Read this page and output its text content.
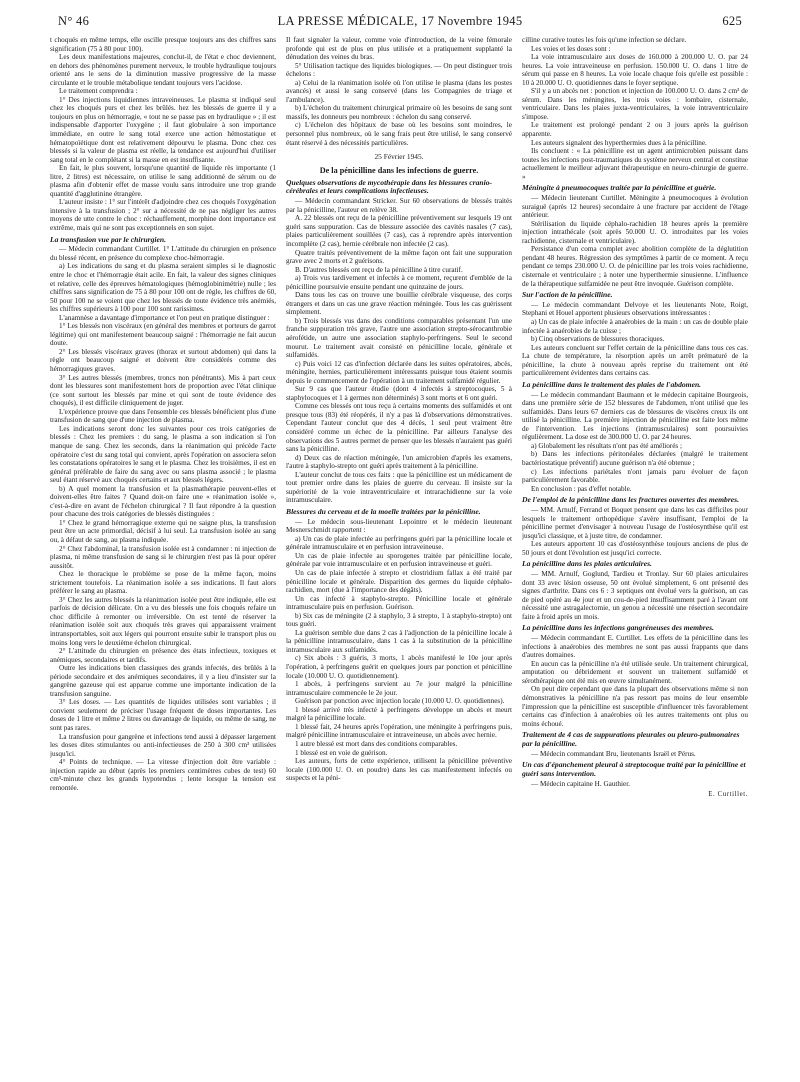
N° 46	LA PRESSE MÉDICALE, 17 Novembre 1945	625

t choqués en même temps, elle oscille presque toujours ans des chiffres sans signification (75 à 80 pour 100).

Les deux manifestations majeures, conclut-il, de l'état e choc deviennent, en dehors des phénomènes purement nerveux, le trouble hydraulique toujours orienté ans le sens de la diminution massive progressive de la masse circulante et le trouble métabolique tendant toujours vers l'acidose.

Le traitement comprendra :

1° Des injections liquidiennes intraveineuses. Le plasma st indiqué seul chez les choqués purs et chez les brûlés. hez les blessés de guerre il y a toujours en plus on hémorragie, « tout ne se passe pas en hydraulique » ; il est indispensable d'apporter l'oxygène ; il faut globulaire à son importance immédiate, en outre le sang total exerce une action hémostatique et hématopoïétique dont est relativement dépourvu le plasma. Donc chez ces blessés si la valeur de plasma est réelle, la tendance est aujourd'hui d'utiliser sang total en le complétant si la masse en est insuffisante.

En fait, le plus souvent, lorsqu'une quantité de liquide rès importante (1 litre, 2 litres) est nécessaire, on utilise le sang additionné de sérum ou de plasma afin d'obtenir effet de masse voulu sans introduire une trop grande quantité d'agglutinine étrangère.

L'auteur insiste : 1° sur l'intérêt d'adjoindre chez ces choqués l'oxygénation intensive à la transfusion ; 2° sur a nécessité de ne pas négliger les autres moyens de utte contre le choc : réchauffement, morphine dont importance est extrême, mais qui ne sont pas exceptionnels en son sujet.

La transfusion vue par le chirurgien.

— Médecin commandant Curtillet. 1° L'attitude du chirurgien en présence du blessé récent, en présence du complexe choc-hémorragie.

a) Les indications du sang et du plasma seraient simples si le diagnostic entre le choc et l'hémorragie était acile. En fait, la valeur des signes cliniques et relative, celle des épreuves hématologiques (hémoglobinimétrie) nulle ; les chiffres sans signification de 75 à 80 pour 100 ont de règle, les chiffres de 60, 50 pour 100 ne se voient que chez les blessés de toute évidence très anémiés, les chiffres supérieurs à 100 pour 100 sont rarissimes.

L'anamnèse a davantage d'importance et l'on peut en pratique distinguer :

1° Les blessés non viscéraux (en général des membres et porteurs de garrot légitime) qui ont manifestement beaucoup saigné : l'hémorragie ne fait aucun doute.

2° Les blessés viscéraux graves (thorax et surtout abdomen) qui dans la règle ont beaucoup saigné et doivent être considérés comme des hémorragiques graves.

3° Les autres blessés (membres, troncs non pénétrants). Mis à part ceux dont les blessures sont manifestement hors de proportion avec l'état clinique (ce sont surtout les blessés par mine et qui sont de toute évidence des choqués), il est difficile cliniquement de juger.

L'expérience prouve que dans l'ensemble ces blessés bénéficient plus d'une transfusion de sang que d'une injection de plasma.

Les indications seront donc les suivantes pour ces trois catégories de blessés : Chez les premiers : du sang, le plasma a son indication si l'on manque de sang. Chez les seconds, dans la réanimation qui précède l'acte opératoire c'est du sang total qui convient, après l'opération on associera selon les constatations opératoires le sang et le plasma. Chez les troisièmes, il est en général préférable de faire du sang avec ou sans plasma associé ; le plasma seul étant réservé aux choqués certains et aux blessés légers.

b) A quel moment la transfusion et la plasmathérapie peuvent-elles et doivent-elles être faites ? Quand doit-on faire une « réanimation isolée », c'est-à-dire en avant de l'échelon chirurgical ? Il faut répondre à la question pour chacune des trois catégories de blessés distinguées :

1° Chez le grand hémorragique externe qui ne saigne plus, la transfusion peut être un acte primordial, décisif à lui seul. La transfusion isolée au sang ou, à défaut de sang, au plasma indiquée.

2° Chez l'abdominal, la transfusion isolée est à condamner : ni injection de plasma, ni même transfusion de sang si le chirurgien n'est pas là pour opérer aussitôt.

Chez le thoracique le problème se pose de la même façon, moins strictement toutefois. La réanimation isolée a ses indications. Il faut alors préférer le sang au plasma.

3° Chez les autres blessés la réanimation isolée peut être indiquée, elle est parfois de décision délicate. On a vu des blessés une fois choqués refaire un choc difficile à remonter ou irréversible. On est tenté de réserver la réanimation isolée soit aux choqués très graves qui apparaissent vraiment intransportables, soit aux légers qui pourront ensuite subir le transport plus ou moins long vers le deuxième échelon chirurgical.

2° L'attitude du chirurgien en présence des états infectieux, toxiques et anémiques, secondaires et tardifs.

Outre les indications bien classiques des grands infectés, des brûlés à la période secondaire et des anémiques secondaires, il y a lieu d'insister sur la gangrène gazeuse qui est apparue comme une importante indication de la transfusion sanguine.

3° Les doses. — Les quantités de liquides utilisées sont variables ; il convient seulement de préciser l'usage fréquent de doses importantes. Les doses de 1 litre et même 2 litres ou davantage de liquide, ou même de sang, ne sont pas rares.

La transfusion pour gangrène et infections tend aussi à dépasser largement les doses dites stimulantes ou anti-infectieuses de 250 à 300 cm³ utilisées jusqu'ici.

4° Points de technique. — La vitesse d'injection doit être variable : injection rapide au début (après les premiers centimètres cubes de test) 60 cm³-minute chez les grands hypotendus ; lente lorsque la tension est remontée.

Il faut signaler la valeur, comme voie d'introduction, de la veine fémorale profonde qui est de plus en plus utilisée et a pratiquement supplanté la dénudation des veines du bras.

5° Utilisation tactique des liquides biologiques. — On peut distinguer trois échelons :

a) Celui de la réanimation isolée où l'on utilise le plasma (dans les postes avancés) et aussi le sang conservé (dans les Compagnies de triage et l'ambulance).

b) L'échelon du traitement chirurgical primaire où les besoins de sang sont massifs, les donneurs peu nombreux : échelon du sang conservé.

c) L'échelon des hôpitaux de base où les besoins sont moindres, le personnel plus nombreux, où le sang frais peut être utilisé, le sang conservé étant réservé à des nécessités particulières.

25 Février 1945.
De la pénicilline dans les infections de guerre.
Quelques observations de mycothérapie dans les blessures cranio-cérébrales et leurs complications infectieuses.

— Médecin commandant Stricker. Sur 60 observations de blessés traités par la pénicilline, l'auteur en relève 38.

A. 22 blessés ont reçu de la pénicilline préventivement sur lesquels 19 ont guéri sans suppuration. Cas de blessure associée des cavités nasales (7 cas), plaies particulièrement souillées (7 cas), cas à reprendre après intervention incomplète (2 cas), hernie cérébrale non infectée (2 cas).

Quatre traités préventivement de la même façon ont fait une suppuration grave avec 2 morts et 2 guérisons.

B. D'autres blessés ont reçu de la pénicilline à titre curatif.

a) Trois vus tardivement et infectés à ce moment, reçurent d'emblée de la pénicilline poursuivie ensuite pendant une quinzaine de jours.

Dans tous les cas on trouve une bouillie cérébrale visqueuse, des corps étrangers et dans un cas une grave réaction méningée. Tous les cas guérissent simplement.

b) Trois blessés vus dans des conditions comparables présentant l'un une franche suppuration très grave, l'autre une association strepto-sérocanthrobie aérofétide, un autre une association staphylo-perfringens. Seul le second mourut. Le traitement avait consisté en pénicilline locale, générale et sulfamidés.

c) Puis voici 12 cas d'infection déclarée dans les suites opératoires, abcès, méningite, hernies, particulièrement intéressants puisque tous étaient soumis depuis le commencement de l'opération à un traitement sulfamidé régulier.

Sur 9 cas que l'auteur étudie (dont 4 infectés à streptocoques, 5 à staphylocoques et 1 à germes non déterminés) 3 sont morts et 6 ont guéri.

Comme ces blessés ont tous reçu à certains moments des sulfamidés et ont presque tous (83) été réopérés, il n'y a pas là d'observations démonstratives. Cependant l'auteur conclut que des 4 décès, 1 seul peut vraiment être considéré comme un échec de la pénicilline. Par ailleurs l'analyse des observations des 5 autres permet de penser que les blessés n'auraient pas guéri sans la pénicilline.

d) Deux cas de réaction méningée, l'un amicrobien d'après les examens, l'autre à staphylo-strepto ont guéri après traitement à la pénicilline.

L'auteur conclut de tous ces faits : que la pénicilline est un médicament de tout premier ordre dans les plaies de guerre du cerveau. Il insiste sur la supériorité de la voie intraventriculaire et intrarachidienne sur la voie intramusculaire.

Blessures du cerveau et de la moelle traitées par la pénicilline.

— Le médecin sous-lieutenant Lepointre et le médecin lieutenant Mesnerschmidt rapportent :

a) Un cas de plaie infectée au perfringens guéri par la pénicilline locale et générale intramusculaire et en perfusion intraveineuse.

Un cas de plaie infectée au sporogenes traitée par pénicilline locale, générale par voie intramusculaire et en perfusion intraveineuse et guéri.

Un cas de plaie infectée à strepto et clostridium fallax a été traité par pénicilline locale et générale. Disparition des germes du liquide céphalo-rachidien, mort (due à l'importance des dégâts).

Un cas infecté à staphylo-strepto. Pénicilline locale et générale intramusculaire puis en perfusion. Guérison.

b) Six cas de méningite (2 à staphylo, 3 à strepto, 1 à staphylo-strepto) ont tous guéri.

La guérison semble due dans 2 cas à l'adjonction de la pénicilline locale à la pénicilline intramusculaire, dans 1 cas à la substitution de la pénicilline intramusculaire aux sulfamidés.

c) Six abcès : 3 guéris, 3 morts, 1 abcès manifesté le 10e jour après l'opération, à perfringens guérit en quelques jours par ponction et pénicilline locale (10.000 U. O. quotidiennement).

1 abcès, à perfringens survient au 7e jour malgré la pénicilline intramusculaire commencée le 2e jour.

Guérison par ponction avec injection locale (10.000 U. O. quotidiennes).

1 blessé arrivé très infecté à perfringens développe un abcès et meurt malgré la pénicilline locale.

1 blessé fait, 24 heures après l'opération, une méningite à perfringens puis, malgré pénicilline intramusculaire et intraveineuse, un abcès avec hernie.

1 autre blessé est mort dans des conditions comparables.

1 blessé est en voie de guérison.

Les auteurs, forts de cette expérience, utilisent la pénicilline préventive locale (100.000 U. O. en poudre) dans les cas manifestement infectés ou suspects et la péni-

cilline curative toutes les fois qu'une infection se déclare.

Les voies et les doses sont :

La voie intramusculaire aux doses de 160.000 à 200.000 U. O. par 24 heures. La voie intraveineuse en perfusion. 150.000 U. O. dans 1 litre de sérum qui passe en 8 heures. La voie locale chaque fois qu'elle est possible : 10 à 20.000 U. O. quotidiennes dans le foyer septique.

S'il y a un abcès net : ponction et injection de 100.000 U. O. dans 2 cm³ de sérum. Dans les méningites, les trois voies : lombaire, cisternale, ventriculaire. Dans les plaies juxta-ventriculaires, la voie intraventriculaire s'impose.

Le traitement est prolongé pendant 2 ou 3 jours après la guérison apparente.

Les auteurs signalent des hyperthermies dues à la pénicilline.

Ils concluent : « La pénicilline est un agent antimicrobien puissant dans toutes les infections post-traumatiques du système nerveux central et constitue actuellement le meilleur adjuvant thérapeutique en neuro-chirurgie de guerre. »

Méningite à pneumocoques traitée par la pénicilline et guérie.

— Médecin lieutenant Curtillet. Méningite à pneumocoques à évolution suraiguë (après 12 heures) secondaire à une fracture par accident de l'étage antérieur.

Stérilisation du liquide céphalo-rachidien 18 heures après la première injection intrathécale (soit après 50.000 U. O. introduites par les voies rachidienne, cisternale et ventriculaire).

Persistance d'un coma complet avec abolition complète de la déglutition pendant 48 heures. Régression des symptômes à partir de ce moment. A reçu pendant ce temps 230.000 U. O. de pénicilline par les trois voies rachidienne, cisternale et ventriculaire ; à noter une hyperthermie sinusienne. L'influence de la thérapeutique sulfamidée ne peut être invoquée. Guérison complète.

Sur l'action de la pénicilline.

— Le médecin commandant Delvoye et les lieutenants Note, Roigt, Stephani et Houel apportent plusieurs observations intéressantes :

a) Un cas de plaie infectée à anaérobies de la main : un cas de double plaie infectée à anaérobies de la cuisse ;

b) Cinq observations de blessures thoraciques.

Les auteurs concluent sur l'effet certain de la pénicilline dans tous ces cas. La chute de température, la résorption après un arrêt prématuré de la pénicilline, la chute à nouveau après reprise du traitement ont été particulièrement évidentes dans certains cas.

La pénicilline dans le traitement des plaies de l'abdomen.

— Le médecin commandant Baumann et le médecin capitaine Bourgeois, dans une première série de 152 blessures de l'abdomen, n'ont utilisé que les sulfamidés. Dans leurs 67 derniers cas de blessures de viscères creux ils ont utilisé la pénicilline. La première injection de pénicilline est faite lors même de l'intervention. Les injections (intramusculaires) sont poursuivies régulièrement. La dose est de 300.000 U. O. par 24 heures.

a) Globalement les résultats n'ont pas été améliorés ;

b) Dans les infections péritonéales déclarées (malgré le traitement bactériostatique préventif) aucune guérison n'a été obtenue ;

c) Les infections pariétales n'ont jamais paru évoluer de façon particulièrement favorable.

En conclusion : pas d'effet notable.

De l'emploi de la pénicilline dans les fractures ouvertes des membres.

— MM. Arnulf, Ferrand et Boquet pensent que dans les cas difficiles pour lesquels le traitement orthopédique s'avère insuffisant, l'emploi de la pénicilline permet d'envisager à nouveau l'usage de l'ostéosynthèse qu'il est jusqu'ici classique, et à juste titre, de condamner.

Les auteurs apportent 10 cas d'ostéosynthèse toujours anciens de plus de 50 jours et dont l'évolution est jusqu'ici correcte.

La pénicilline dans les plaies articulaires.

— MM. Arnulf, Goglund, Tardieu et Tronlay. Sur 60 plaies articulaires dont 33 avec lésion osseuse, 50 ont évolué simplement, 6 ont présenté des signes d'arthrite. Dans ces 6 : 3 septiques ont évolué vers la guérison, un cas de pied opéré au 4e jour et un cou-de-pied insuffisamment paré à l'avant ont nécessité une astragalectomie, un genou a nécessité une résection secondaire faite à froid après un mois.

La pénicilline dans les infections gangréneuses des membres.

— Médecin commandant E. Curtillet. Les effets de la pénicilline dans les infections à anaérobies des membres ne sont pas aussi frappants que dans d'autres domaines.

En aucun cas la pénicilline n'a été utilisée seule. Un traitement chirurgical, amputation ou débridement et souvent un traitement sulfamidé et sérothérapique ont été mis en œuvre simultanément.

On peut dire cependant que dans la plupart des observations même si non démonstratives la pénicilline n'a pas ressort pas moins de leur ensemble l'impression que la pénicilline est susceptible d'influencer très favorablement certains cas d'infection à anaérobies où les autres traitements ont plus ou moins échoué.

Traitement de 4 cas de suppurations pleurales ou pleuro-pulmonaires par la pénicilline.

— Médecin commandant Bru, lieutenants Israël et Pérus.

Un cas d'épanchement pleural à streptocoque traité par la pénicilline et guéri sans intervention.

— Médecin capitaine H. Gauthier.

E. Curtillet.
